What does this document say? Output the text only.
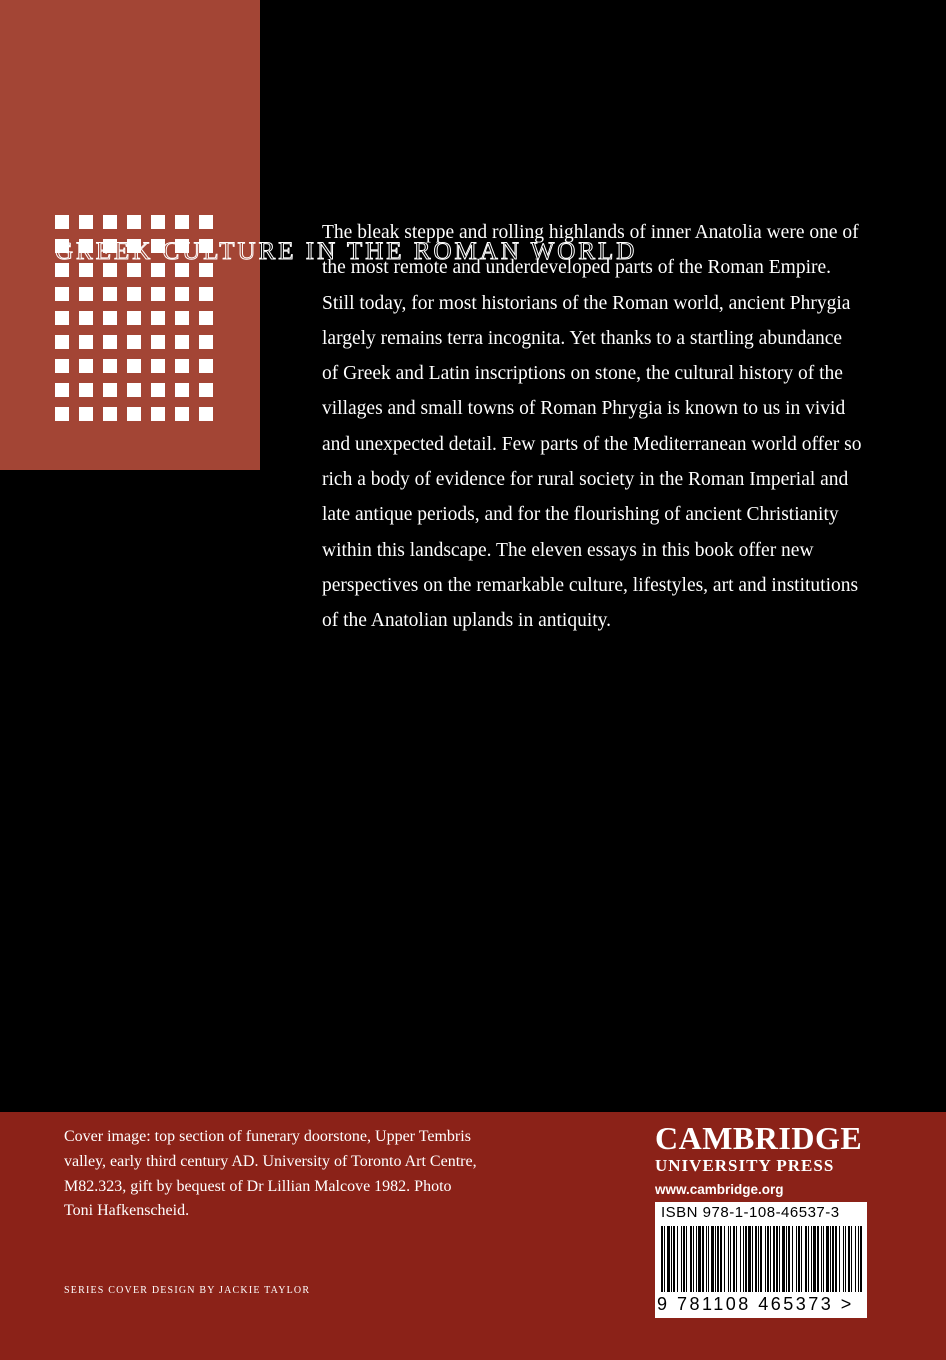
GREEK CULTURE IN THE ROMAN WORLD

The bleak steppe and rolling highlands of inner Anatolia were one of the most remote and underdeveloped parts of the Roman Empire. Still today, for most historians of the Roman world, ancient Phrygia largely remains terra incognita. Yet thanks to a startling abundance of Greek and Latin inscriptions on stone, the cultural history of the villages and small towns of Roman Phrygia is known to us in vivid and unexpected detail. Few parts of the Mediterranean world offer so rich a body of evidence for rural society in the Roman Imperial and late antique periods, and for the flourishing of ancient Christianity within this landscape. The eleven essays in this book offer new perspectives on the remarkable culture, lifestyles, art and institutions of the Anatolian uplands in antiquity.

Cover image: top section of funerary doorstone, Upper Tembris valley, early third century AD. University of Toronto Art Centre, M82.323, gift by bequest of Dr Lillian Malcove 1982. Photo Toni Hafkenscheid.

SERIES COVER DESIGN BY JACKIE TAYLOR
CAMBRIDGE
UNIVERSITY PRESS
www.cambridge.org
ISBN 978-1-108-46537-3
9 781108 465373 >
